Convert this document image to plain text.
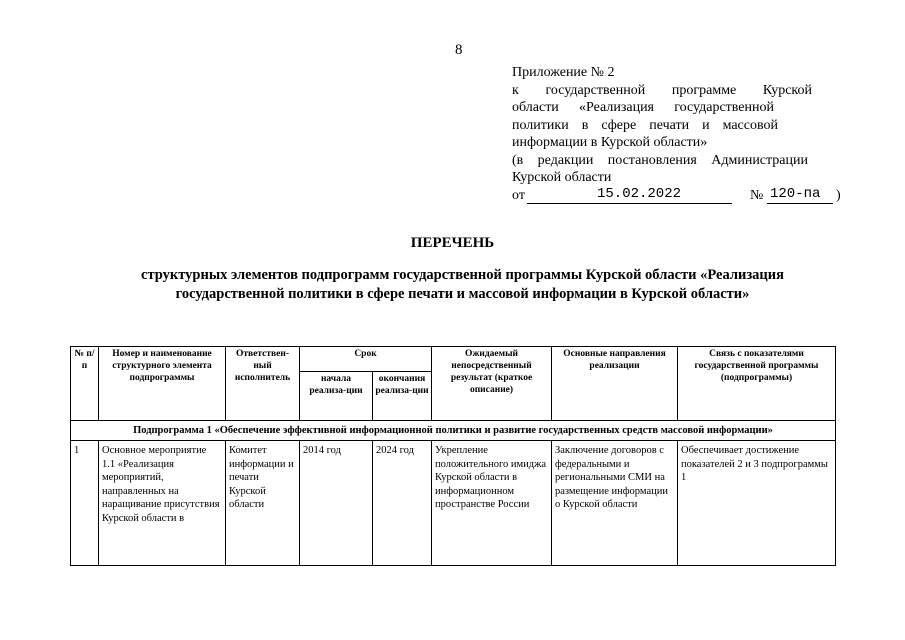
8
Приложение № 2
к государственной программе Курской
области «Реализация государственной
политики в сфере печати и массовой
информации в Курской области»
(в редакции постановления Администрации
Курской области
от	15.02.2022	№ 120-па )
ПЕРЕЧЕНЬ
структурных элементов подпрограмм государственной программы Курской области «Реализация
государственной политики в сфере печати и массовой информации в Курской области»
№ п/п	Номер и наименование структурного элемента подпрограммы	Ответствен-ный исполнитель	Срок		Ожидаемый непосредственный результат (краткое описание)	Основные направления реализации	Связь с показателями государственной программы (подпрограммы)
			начала реализа-ции	окончания реализа-ции			
Подпрограмма 1 «Обеспечение эффективной информационной политики и развитие государственных средств массовой информации»							
1	Основное мероприятие 1.1 «Реализация мероприятий, направленных на наращивание присутствия Курской области в	Комитет информации и печати Курской области	2014 год	2024 год	Укрепление положительного имиджа Курской области в информационном пространстве России	Заключение договоров с федеральными и региональными СМИ на размещение информации о Курской области	Обеспечивает достижение показателей 2 и 3 подпрограммы 1
